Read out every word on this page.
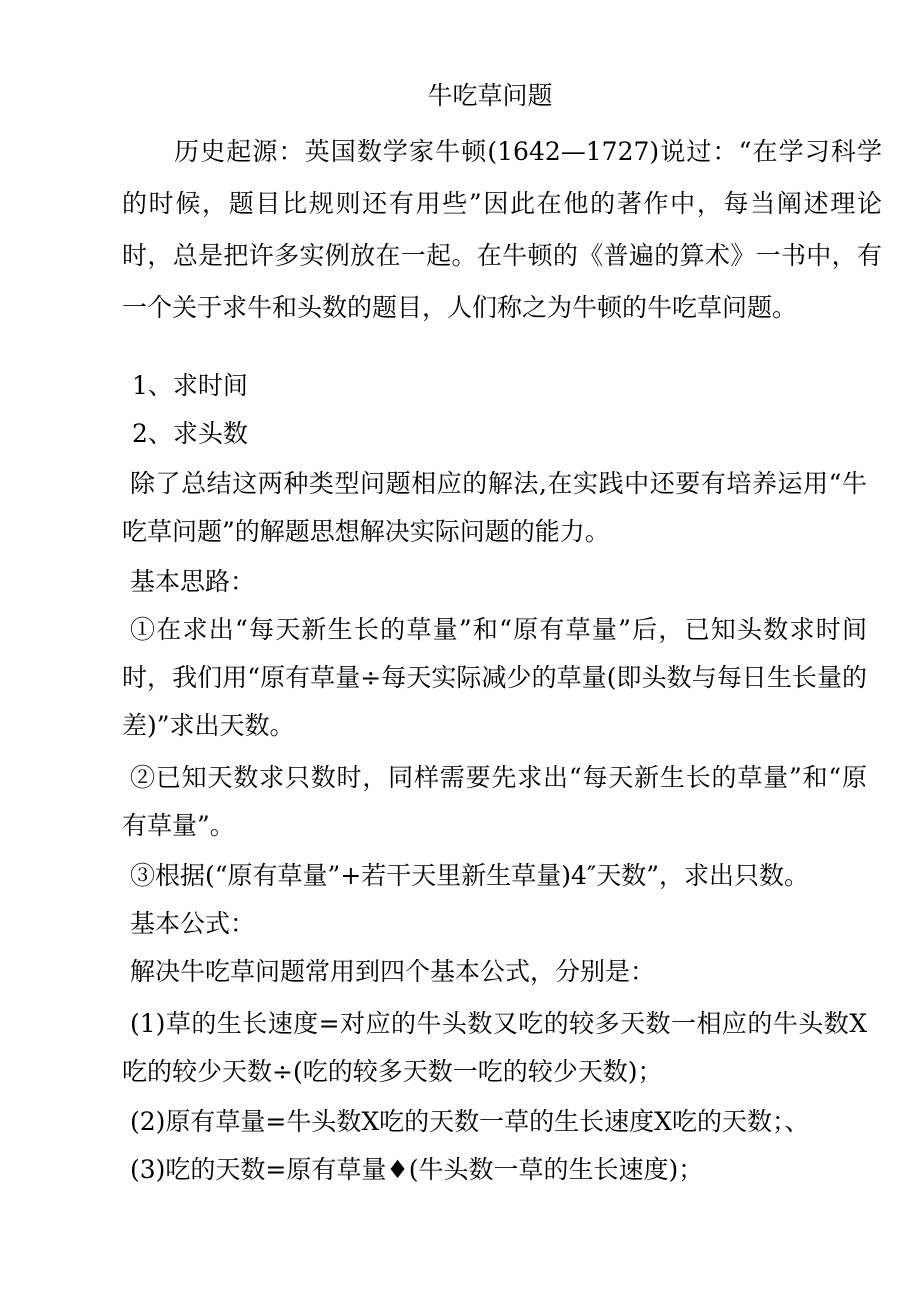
牛吃草问题

历史起源：英国数学家牛顿(1642—1727)说过：“在学习科学的时候，题目比规则还有用些”因此在他的著作中，每当阐述理论时，总是把许多实例放在一起。在牛顿的《普遍的算术》一书中，有一个关于求牛和头数的题目，人们称之为牛顿的牛吃草问题。

1、求时间

2、求头数

除了总结这两种类型问题相应的解法,在实践中还要有培养运用“牛吃草问题”的解题思想解决实际问题的能力。

基本思路：

①在求出“每天新生长的草量”和“原有草量”后，已知头数求时间时，我们用“原有草量÷每天实际减少的草量(即头数与每日生长量的差)”求出天数。

②已知天数求只数时，同样需要先求出“每天新生长的草量”和“原有草量”。

③根据(“原有草量”+若干天里新生草量)4″天数”，求出只数。

基本公式：

解决牛吃草问题常用到四个基本公式，分别是：

(1)草的生长速度=对应的牛头数又吃的较多天数一相应的牛头数X吃的较少天数÷(吃的较多天数一吃的较少天数)；

(2)原有草量=牛头数X吃的天数一草的生长速度X吃的天数；、

(3)吃的天数=原有草量♦(牛头数一草的生长速度)；
